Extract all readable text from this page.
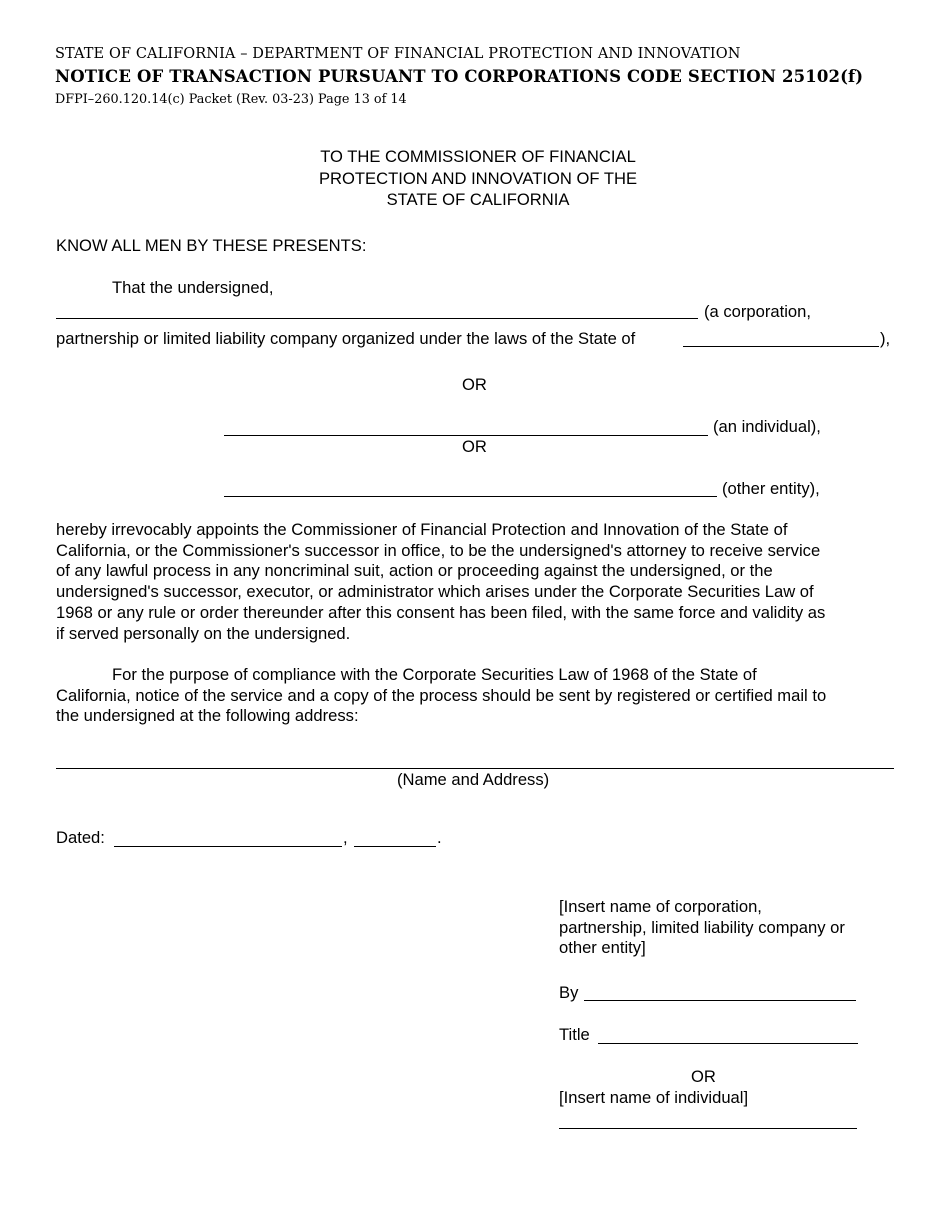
STATE OF CALIFORNIA – DEPARTMENT OF FINANCIAL PROTECTION AND INNOVATION
NOTICE OF TRANSACTION PURSUANT TO CORPORATIONS CODE SECTION 25102(f)
DFPI–260.120.14(c) Packet (Rev. 03-23) Page 13 of 14
TO THE COMMISSIONER OF FINANCIAL
PROTECTION AND INNOVATION OF THE
STATE OF CALIFORNIA
KNOW ALL MEN BY THESE PRESENTS:
That the undersigned,
(a corporation,
partnership or limited liability company organized under the laws of the State of	),
OR
(an individual),
OR
(other entity),
hereby irrevocably appoints the Commissioner of Financial Protection and Innovation of the State of
California, or the Commissioner's successor in office, to be the undersigned's attorney to receive service
of any lawful process in any noncriminal suit, action or proceeding against the undersigned, or the
undersigned's successor, executor, or administrator which arises under the Corporate Securities Law of
1968 or any rule or order thereunder after this consent has been filed, with the same force and validity as
if served personally on the undersigned.
For the purpose of compliance with the Corporate Securities Law of 1968 of the State of
California, notice of the service and a copy of the process should be sent by registered or certified mail to
the undersigned at the following address:
(Name and Address)
Dated:	,	.
[Insert name of corporation,
partnership, limited liability company or
other entity]
By
Title
OR
[Insert name of individual]
